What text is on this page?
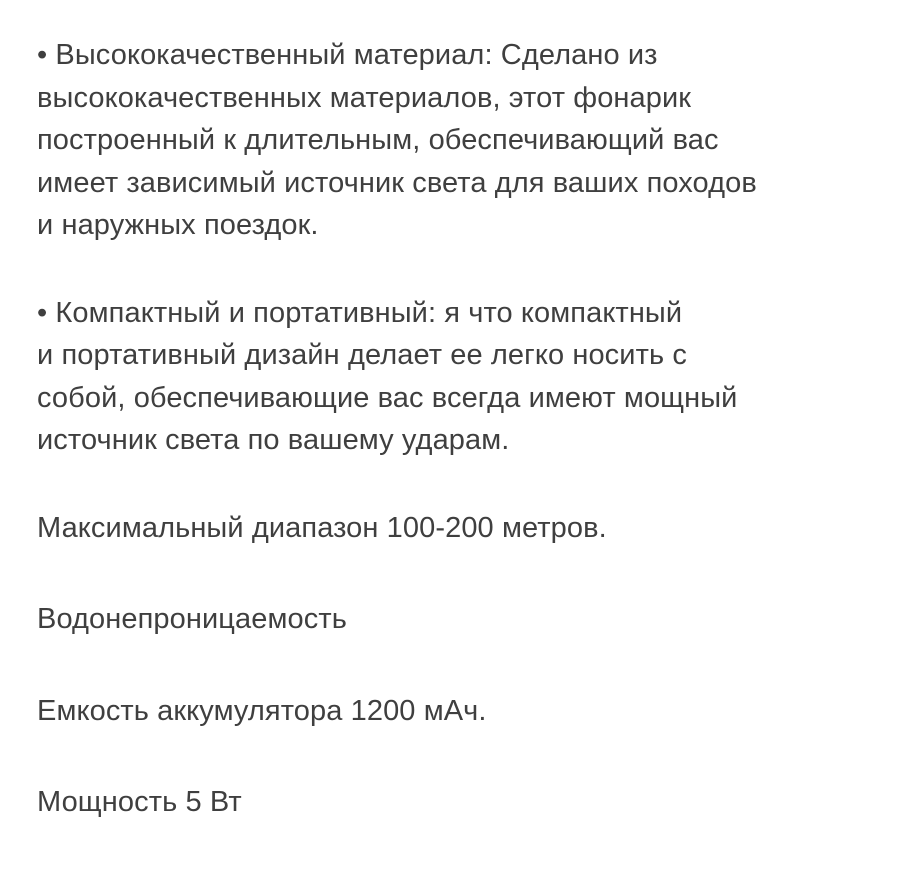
• Высококачественный материал: Сделано из
высококачественных материалов, этот фонарик
построенный к длительным, обеспечивающий вас
имеет зависимый источник света для ваших походов
и наружных поездок.

• Компактный и портативный: я что компактный
и портативный дизайн делает ее легко носить с
собой, обеспечивающие вас всегда имеют мощный
источник света по вашему ударам.

Максимальный диапазон 100-200 метров.

Водонепроницаемость

Емкость аккумулятора 1200 мАч.

Мощность 5 Вт
